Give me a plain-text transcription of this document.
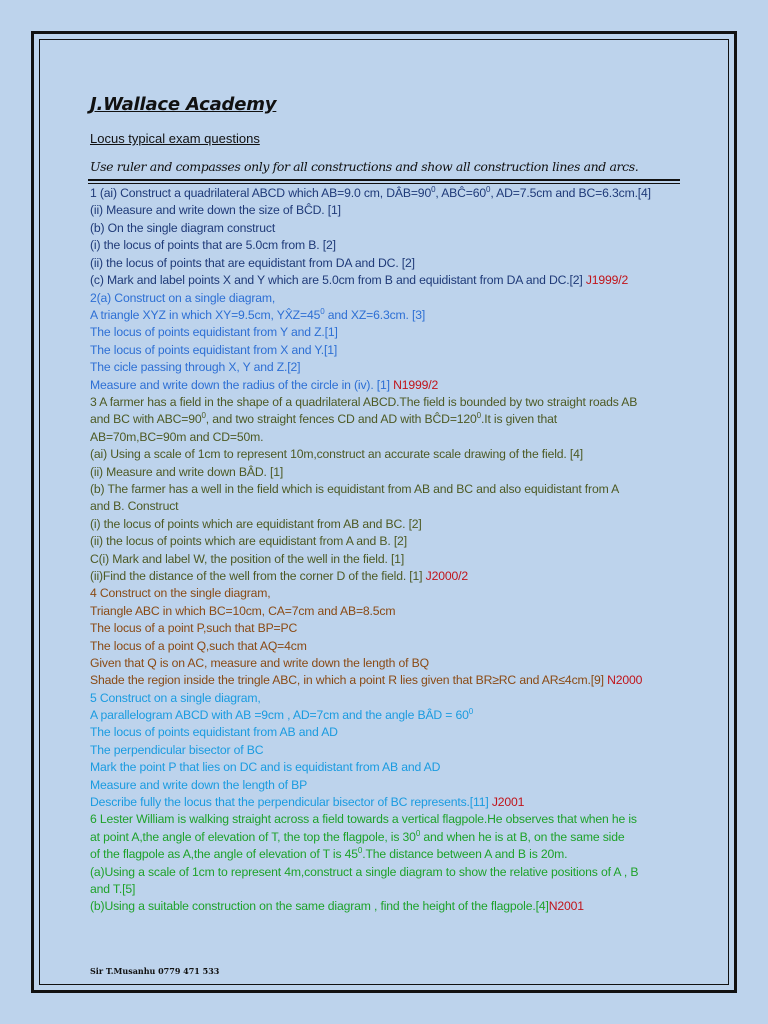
J.Wallace Academy
Locus typical exam questions
Use ruler and compasses only for all constructions and show all construction lines and arcs.
1 (ai) Construct a quadrilateral ABCD which AB=9.0 cm, $DÂB=90^0$, $ABĈ=60^0$, AD=7.5cm and BC=6.3cm.[4]
(ii) Measure and write down the size of BĈD. [1]
(b) On the single diagram construct
(i) the locus of points that are 5.0cm from B. [2]
(ii) the locus of points that are equidistant from DA and DC. [2]
(c) Mark and label points X and Y which are 5.0cm from B and equidistant from DA and DC.[2] J1999/2
2(a) Construct on a single diagram,
A triangle XYZ in which XY=9.5cm, $YX̂Z=45^0$ and XZ=6.3cm. [3]
The locus of points equidistant from Y and Z.[1]
The locus of points equidistant from X and Y.[1]
The cicle passing through X, Y and Z.[2]
Measure and write down the radius of the circle in (iv). [1] N1999/2
3 A farmer has a field in the shape of a quadrilateral ABCD.The field is bounded by two straight roads AB
and BC with $ABC=90^0$, and two straight fences CD and AD with $BĈD=120^0.It$ is given that
AB=70m,BC=90m and CD=50m.
(ai) Using a scale of 1cm to represent 10m,construct an accurate scale drawing of the field. [4]
(ii) Measure and write down BÂD. [1]
(b) The farmer has a well in the field which is equidistant from AB and BC and also equidistant from A
and B. Construct
(i) the locus of points which are equidistant from AB and BC. [2]
(ii) the locus of points which are equidistant from A and B. [2]
C(i) Mark and label W, the position of the well in the field. [1]
(ii)Find the distance of the well from the corner D of the field. [1] J2000/2
4 Construct on the single diagram,
Triangle ABC in which BC=10cm, CA=7cm and AB=8.5cm
The locus of a point P,such that BP=PC
The locus of a point Q,such that AQ=4cm
Given that Q is on AC, measure and write down the length of BQ
Shade the region inside the tringle ABC, in which a point R lies given that BR≥RC and AR≤4cm.[9] N2000
5 Construct on a single diagram,
A parallelogram ABCD with AB =9cm , AD=7cm and the angle BÂD = $60^0$
The locus of points equidistant from AB and AD
The perpendicular bisector of BC
Mark the point P that lies on DC and is equidistant from AB and AD
Measure and write down the length of BP
Describe fully the locus that the perpendicular bisector of BC represents.[11] J2001
6 Lester William is walking straight across a field towards a vertical flagpole.He observes that when he is
at point A,the angle of elevation of T, the top the flagpole, is $30^0$ and when he is at B, on the same side
of the flagpole as A,the angle of elevation of T is $45^0.The$ distance between A and B is 20m.
(a)Using a scale of 1cm to represent 4m,construct a single diagram to show the relative positions of A , B
and T.[5]
(b)Using a suitable construction on the same diagram , find the height of the flagpole.[4]N2001
Sir T.Musanhu 0779 471 533
